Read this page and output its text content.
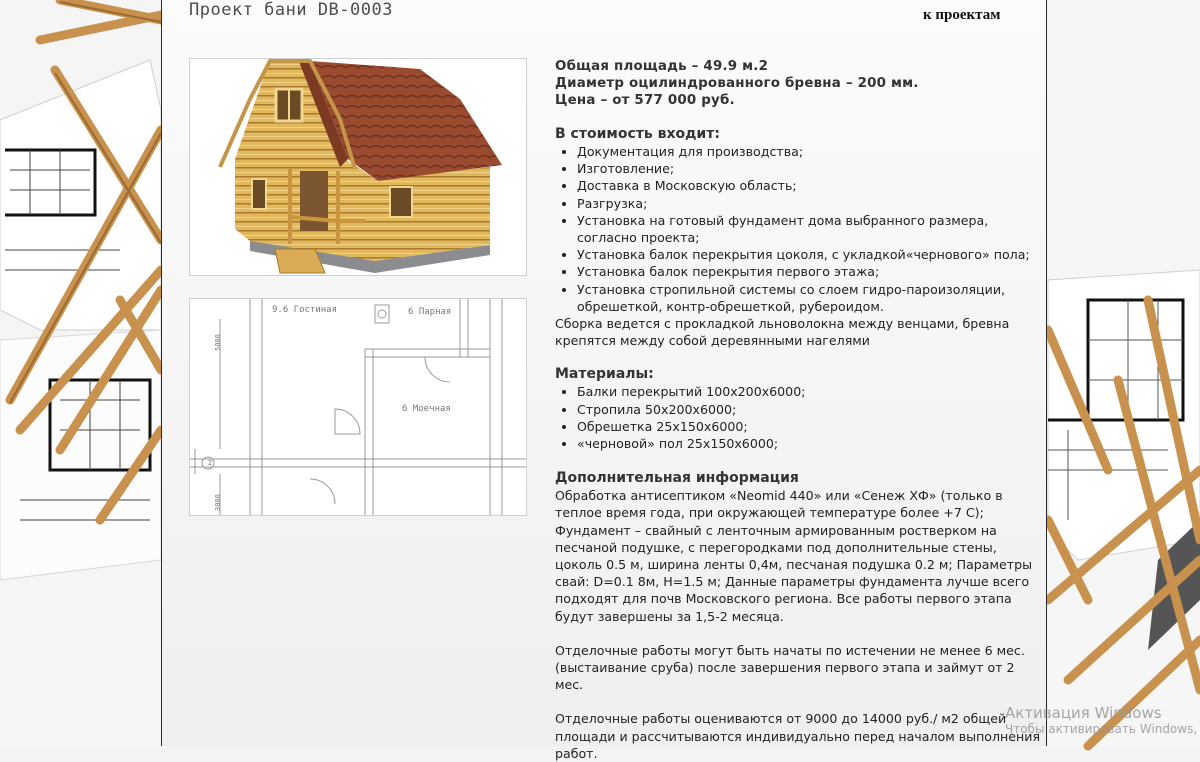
Проект бани DB-0003	к проектам
9.6 Гостиная	6 Парная
6 Моечная
2
5000
3000
Общая площадь – 49.9 м.2
Диаметр оцилиндрованного бревна – 200 мм.
Цена – от 577 000 руб.
В стоимость входит:
• Документация для производства;
• Изготовление;
• Доставка в Московскую область;
• Разгрузка;
• Установка на готовый фундамент дома выбранного размера, согласно проекта;
• Установка балок перекрытия цоколя, с укладкой«чернового» пола;
• Установка балок перекрытия первого этажа;
• Установка стропильной системы со слоем гидро-пароизоляции, обрешеткой, контр-обрешеткой, рубероидом.

Сборка ведется с прокладкой льноволокна между венцами, бревна крепятся между собой деревянными нагелями

Материалы:
• Балки перекрытий 100х200х6000;
• Стропила 50х200х6000;
• Обрешетка 25х150х6000;
• «черновой» пол 25х150х6000;
Дополнительная информация

Обработка антисептиком «Neomid 440» или «Сенеж ХФ» (только в теплое время года, при окружающей температуре более +7 С);

Фундамент – свайный с ленточным армированным ростверком на песчаной подушке, с перегородками под дополнительные стены, цоколь 0.5 м, ширина ленты 0,4м, песчаная подушка 0.2 м; Параметры свай: D=0.1 8м, H=1.5 м; Данные параметры фундамента лучше всего подходят для почв Московского региона. Все работы первого этапа будут завершены за 1,5-2 месяца.

Отделочные работы могут быть начаты по истечении не менее 6 мес. (выстаивание сруба) после завершения первого этапа и займут от 2 мес.

Отделочные работы оцениваются от 9000 до 14000 руб./ м2 общей площади и рассчитываются индивидуально перед началом выполнения работ.

Активация Windows
Чтобы активировать Windows,
